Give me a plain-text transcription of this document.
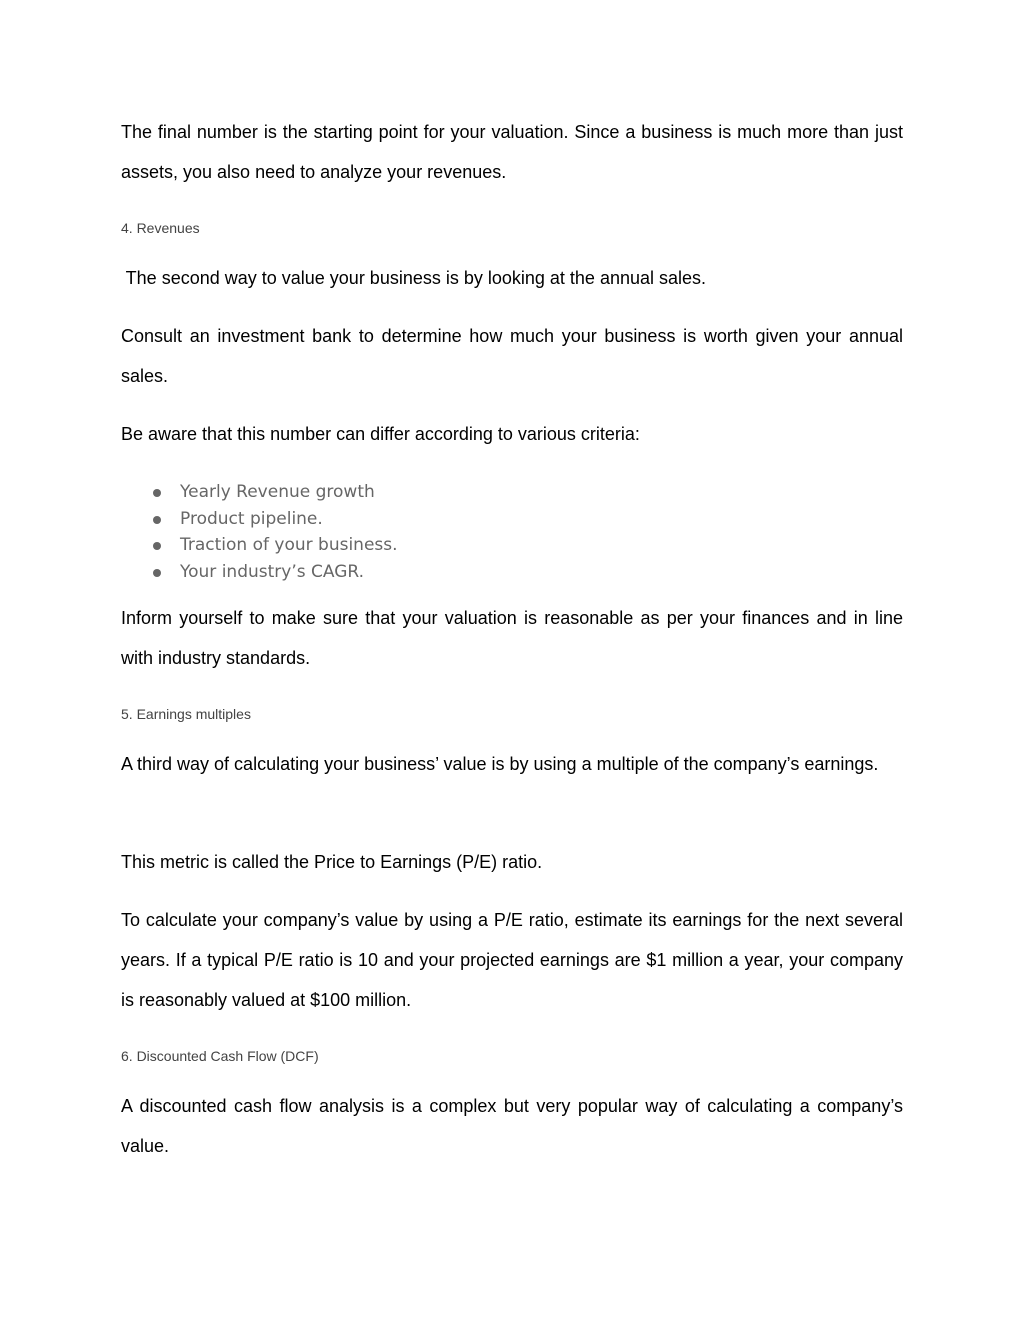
The final number is the starting point for your valuation. Since a business is much more than just assets, you also need to analyze your revenues.

4. Revenues

The second way to value your business is by looking at the annual sales.

Consult an investment bank to determine how much your business is worth given your annual sales.

Be aware that this number can differ according to various criteria:

Yearly Revenue growth
Product pipeline.
Traction of your business.
Your industry’s CAGR.

Inform yourself to make sure that your valuation is reasonable as per your finances and in line with industry standards.

5. Earnings multiples

A third way of calculating your business’ value is by using a multiple of the company’s earnings.

This metric is called the Price to Earnings (P/E) ratio.

To calculate your company’s value by using a P/E ratio, estimate its earnings for the next several years. If a typical P/E ratio is 10 and your projected earnings are $1 million a year, your company is reasonably valued at $100 million.

6. Discounted Cash Flow (DCF)

A discounted cash flow analysis is a complex but very popular way of calculating a company’s value.
